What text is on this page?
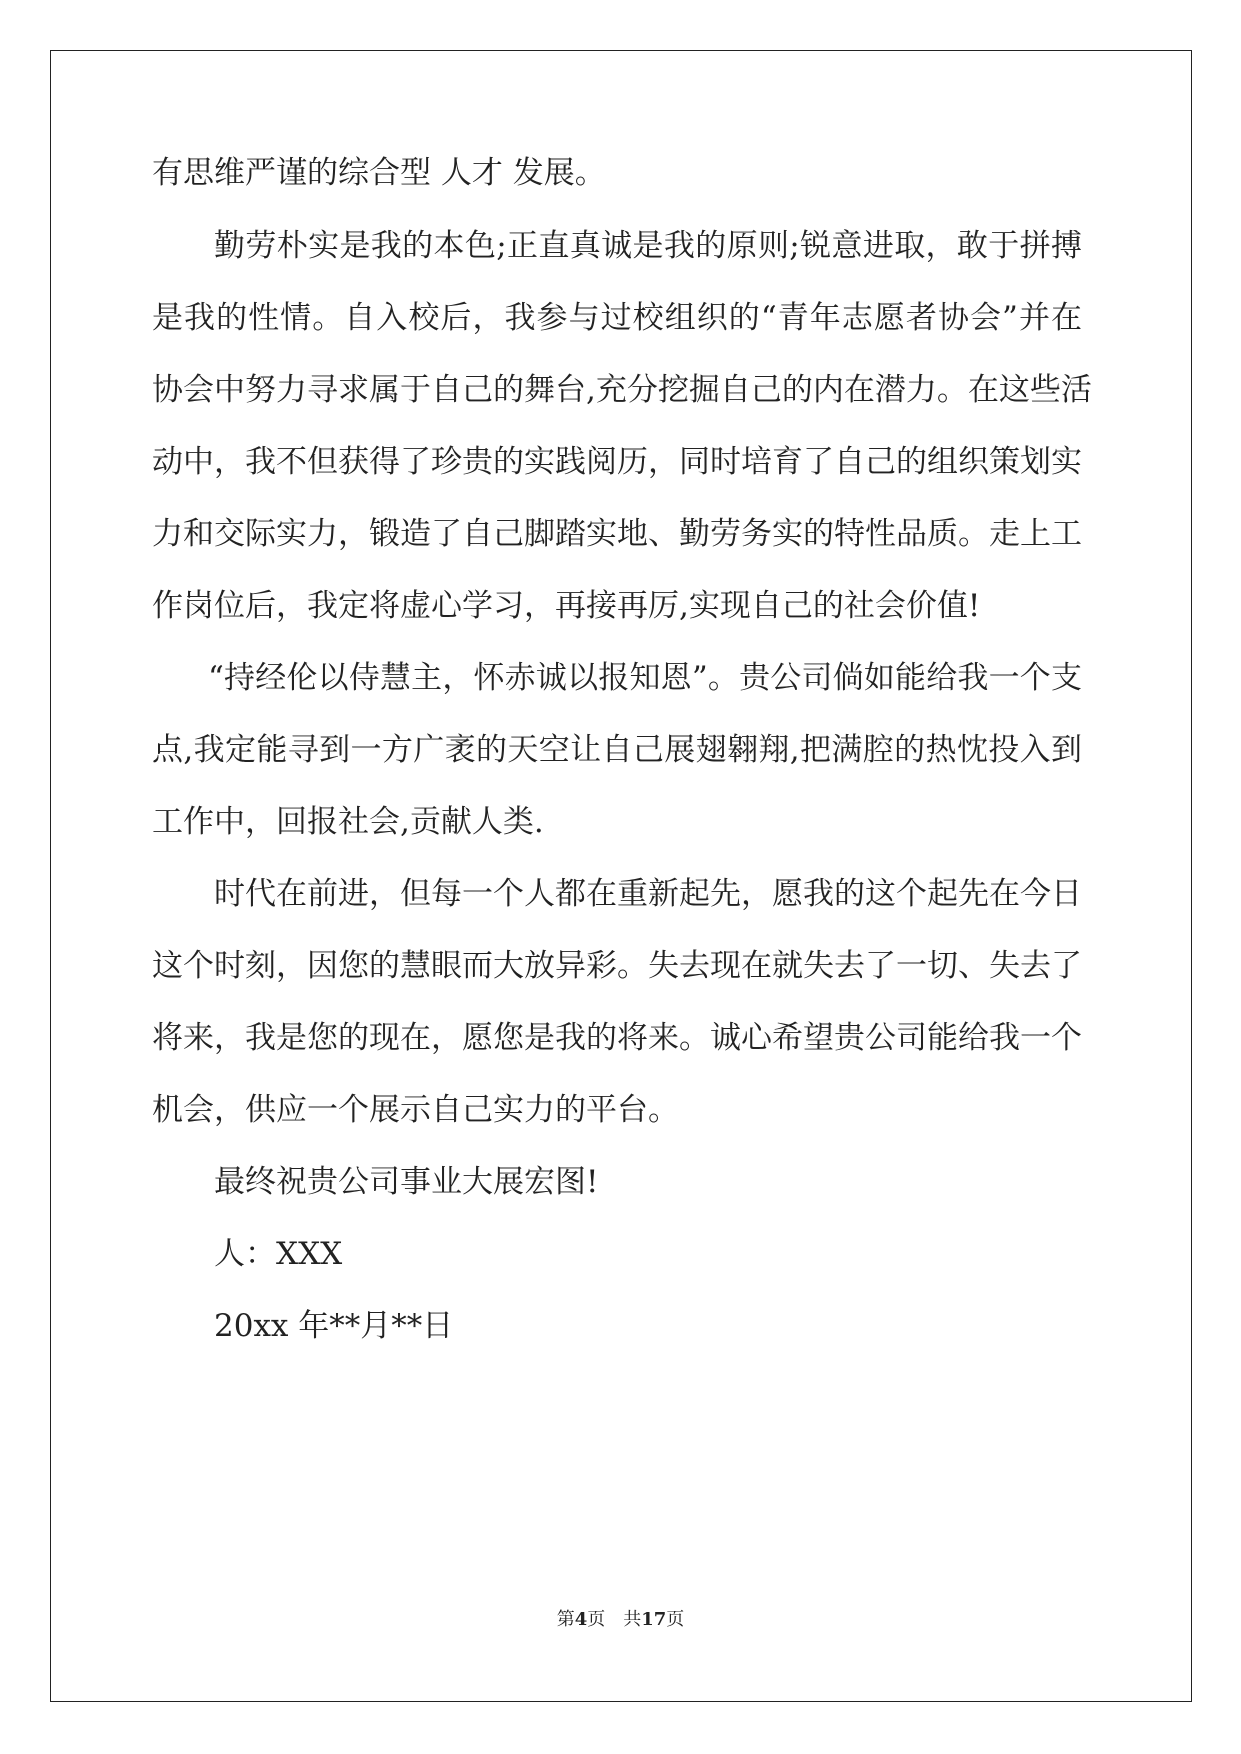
有思维严谨的综合型 人才 发展。
勤劳朴实是我的本色;正直真诚是我的原则;锐意进取，敢于拼搏
是我的性情。自入校后，我参与过校组织的“青年志愿者协会”并在
协会中努力寻求属于自己的舞台,充分挖掘自己的内在潜力。在这些活
动中，我不但获得了珍贵的实践阅历，同时培育了自己的组织策划实
力和交际实力，锻造了自己脚踏实地、勤劳务实的特性品质。走上工
作岗位后，我定将虚心学习，再接再厉,实现自己的社会价值!
“持经伦以侍慧主，怀赤诚以报知恩”。贵公司倘如能给我一个支
点,我定能寻到一方广袤的天空让自己展翅翱翔,把满腔的热忱投入到
工作中，回报社会,贡献人类.
时代在前进，但每一个人都在重新起先，愿我的这个起先在今日
这个时刻，因您的慧眼而大放异彩。失去现在就失去了一切、失去了
将来，我是您的现在，愿您是我的将来。诚心希望贵公司能给我一个
机会，供应一个展示自己实力的平台。
最终祝贵公司事业大展宏图!
人：XXX
20xx 年**月**日
第4页 共17页
